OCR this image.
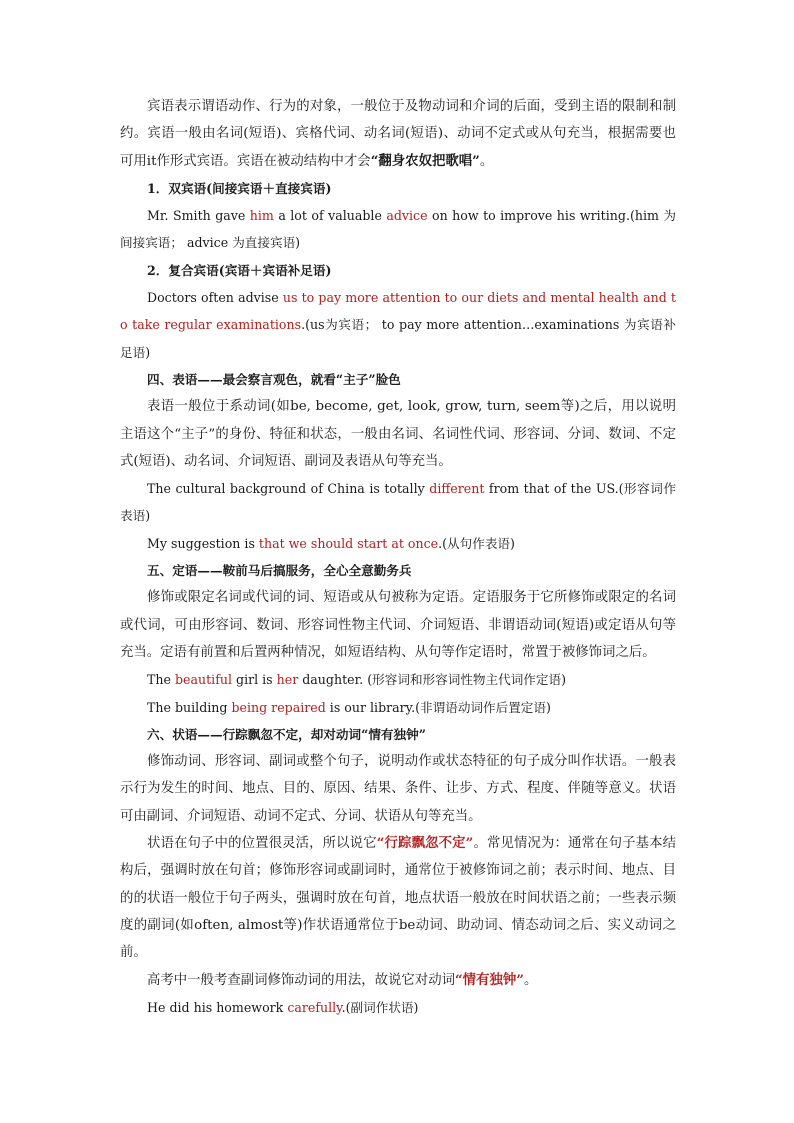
宾语表示谓语动作、行为的对象，一般位于及物动词和介词的后面，受到主语的限制和制约。宾语一般由名词(短语)、宾格代词、动名词(短语)、动词不定式或从句充当，根据需要也可用it作形式宾语。宾语在被动结构中才会“翻身农奴把歌唱”。

1．双宾语(间接宾语＋直接宾语)

Mr. Smith gave him a lot of valuable advice on how to improve his writing.(him 为间接宾语； advice 为直接宾语)

2．复合宾语(宾语＋宾语补足语)

Doctors often advise us to pay more attention to our diets and mental health and to take regular examinations.(us为宾语； to pay more attention…examinations 为宾语补足语)

四、表语——最会察言观色，就看“主子”脸色

表语一般位于系动词(如be, become, get, look, grow, turn, seem等)之后，用以说明主语这个“主子”的身份、特征和状态，一般由名词、名词性代词、形容词、分词、数词、不定式(短语)、动名词、介词短语、副词及表语从句等充当。

The cultural background of China is totally different from that of the US.(形容词作表语)

My suggestion is that we should start at once.(从句作表语)

五、定语——鞍前马后搞服务，全心全意勤务兵

修饰或限定名词或代词的词、短语或从句被称为定语。定语服务于它所修饰或限定的名词或代词，可由形容词、数词、形容词性物主代词、介词短语、非谓语动词(短语)或定语从句等充当。定语有前置和后置两种情况，如短语结构、从句等作定语时，常置于被修饰词之后。

The beautiful girl is her daughter. (形容词和形容词性物主代词作定语)

The building being repaired is our library.(非谓语动词作后置定语)

六、状语——行踪飘忽不定，却对动词“情有独钟”

修饰动词、形容词、副词或整个句子，说明动作或状态特征的句子成分叫作状语。一般表示行为发生的时间、地点、目的、原因、结果、条件、让步、方式、程度、伴随等意义。状语可由副词、介词短语、动词不定式、分词、状语从句等充当。

状语在句子中的位置很灵活，所以说它“行踪飘忽不定”。常见情况为：通常在句子基本结构后，强调时放在句首；修饰形容词或副词时，通常位于被修饰词之前；表示时间、地点、目的的状语一般位于句子两头，强调时放在句首，地点状语一般放在时间状语之前；一些表示频度的副词(如often, almost等)作状语通常位于be动词、助动词、情态动词之后、实义动词之前。

高考中一般考查副词修饰动词的用法，故说它对动词“情有独钟”。

He did his homework carefully.(副词作状语)
